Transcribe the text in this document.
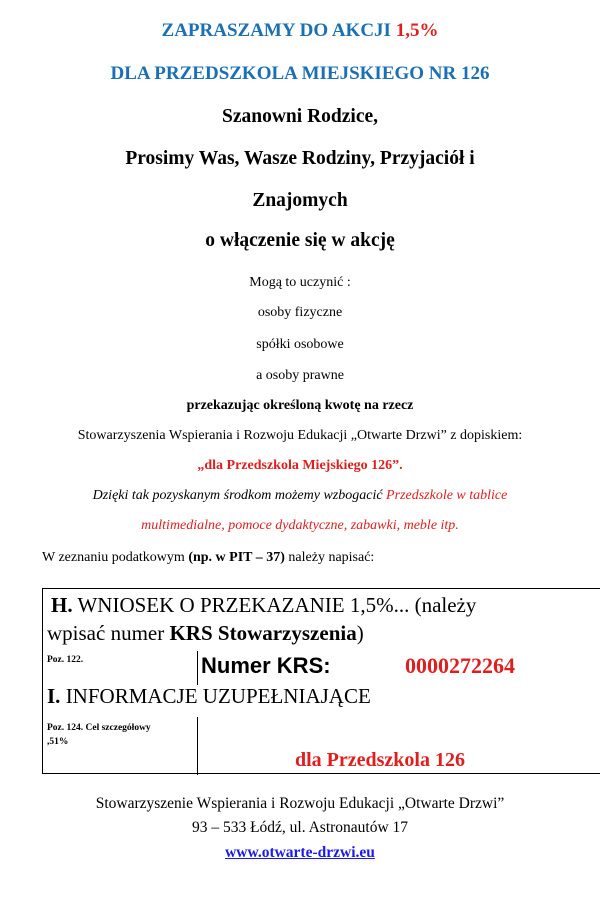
ZAPRASZAMY DO AKCJI 1,5%
DLA PRZEDSZKOLA MIEJSKIEGO NR 126
Szanowni Rodzice,
Prosimy Was, Wasze Rodziny, Przyjaciół i
Znajomych
o włączenie się w akcję
Mogą to uczynić :
osoby fizyczne
spółki osobowe
a osoby prawne
przekazując określoną kwotę na rzecz
Stowarzyszenia Wspierania i Rozwoju Edukacji „Otwarte Drzwi” z dopiskiem:
„dla Przedszkola Miejskiego 126”.
Dzięki tak pozyskanym środkom możemy wzbogacić Przedszkole w tablice
multimedialne, pomoce dydaktyczne, zabawki, meble itp.
W zeznaniu podatkowym (np. w PIT – 37) należy napisać:
H. WNIOSEK O PRZEKAZANIE 1,5%... (należy
wpisać numer KRS Stowarzyszenia)
Poz. 122.	Numer KRS:	0000272264
I. INFORMACJE UZUPEŁNIAJĄCE
Poz. 124. Cel szczegółowy
,51%
dla Przedszkola 126
Stowarzyszenie Wspierania i Rozwoju Edukacji „Otwarte Drzwi”
93 – 533 Łódź, ul. Astronautów 17
www.otwarte-drzwi.eu
